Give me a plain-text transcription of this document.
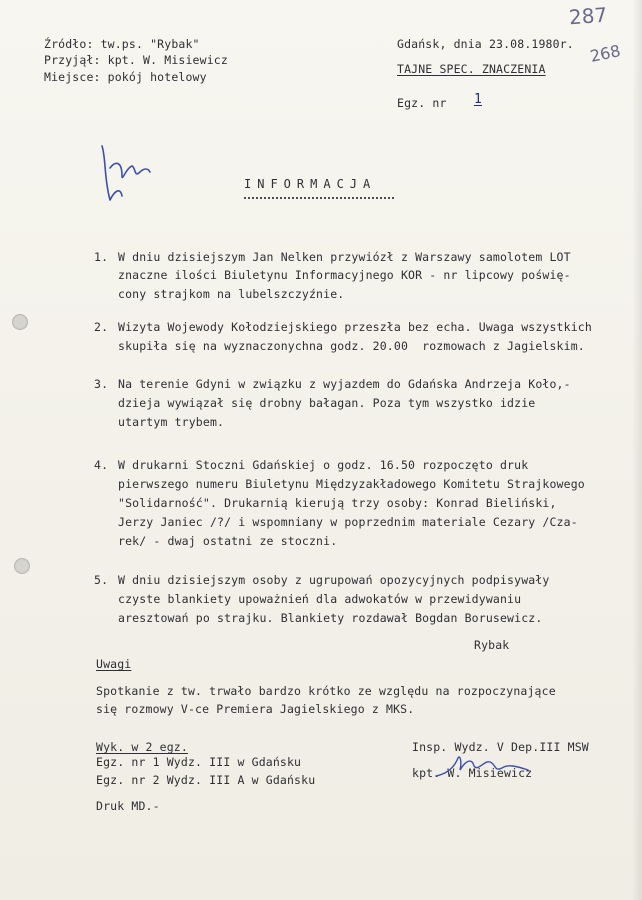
Źródło: tw.ps. "Rybak"
Przyjął: kpt. W. Misiewicz
Miejsce: pokój hotelowy
Gdańsk, dnia 23.08.1980r.
TAJNE SPEC. ZNACZENIA
Egz. nr	1
287
268
INFORMACJA
1. W dniu dzisiejszym Jan Nelken przywiózł z Warszawy samolotem LOT
znaczne ilości Biuletynu Informacyjnego KOR - nr lipcowy poświę-
cony strajkom na lubelszczyźnie.
2. Wizyta Wojewody Kołodziejskiego przeszła bez echa. Uwaga wszystkich
skupiła się na wyznaczonychna godz. 20.00  rozmowach z Jagielskim.
3. Na terenie Gdyni w związku z wyjazdem do Gdańska Andrzeja Koło,-
dzieja wywiązał się drobny bałagan. Poza tym wszystko idzie
utartym trybem.
4. W drukarni Stoczni Gdańskiej o godz. 16.50 rozpoczęto druk
pierwszego numeru Biuletynu Międzyzakładowego Komitetu Strajkowego
"Solidarność". Drukarnią kierują trzy osoby: Konrad Bieliński,
Jerzy Janiec /?/ i wspomniany w poprzednim materiale Cezary /Cza-
rek/ - dwaj ostatni ze stoczni.
5. W dniu dzisiejszym osoby z ugrupowań opozycyjnych podpisywały
czyste blankiety upoważnień dla adwokatów w przewidywaniu
aresztowań po strajku. Blankiety rozdawał Bogdan Borusewicz.
Rybak
Uwagi
Spotkanie z tw. trwało bardzo krótko ze względu na rozpoczynające
się rozmowy V-ce Premiera Jagielskiego z MKS.
Wyk. w 2 egz.
Egz. nr 1 Wydz. III w Gdańsku
Egz. nr 2 Wydz. III A w Gdańsku
Druk MD.-
Insp. Wydz. V Dep.III MSW
kpt. W. Misiewicz
